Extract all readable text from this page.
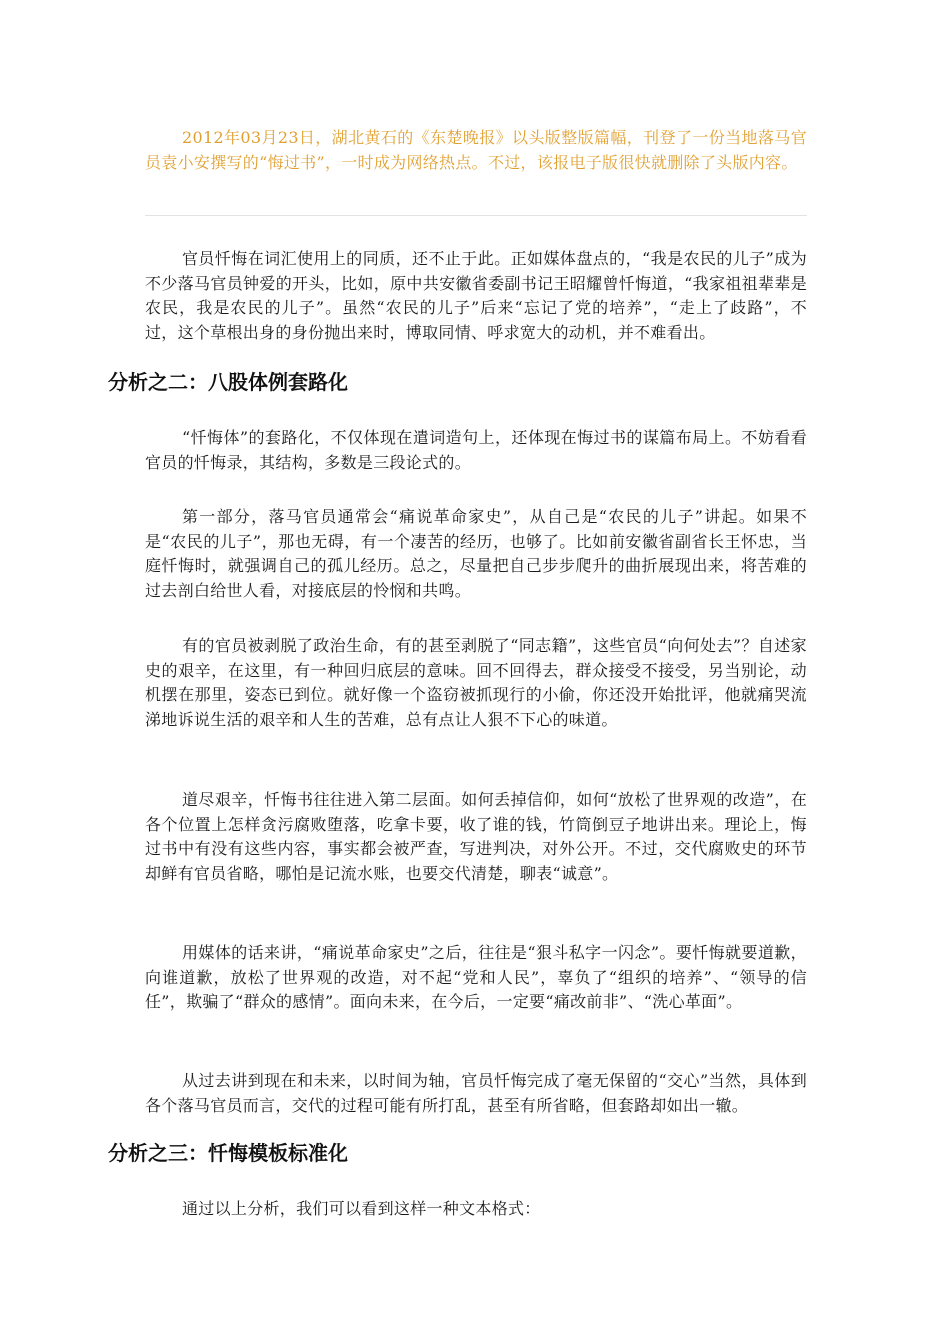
2012年03月23日，湖北黄石的《东楚晚报》以头版整版篇幅，刊登了一份当地落马官员袁小安撰写的“悔过书”，一时成为网络热点。不过，该报电子版很快就删除了头版内容。

官员忏悔在词汇使用上的同质，还不止于此。正如媒体盘点的，“我是农民的儿子”成为不少落马官员钟爱的开头，比如，原中共安徽省委副书记王昭耀曾忏悔道，“我家祖祖辈辈是农民，我是农民的儿子”。虽然“农民的儿子”后来“忘记了党的培养”，“走上了歧路”，不过，这个草根出身的身份抛出来时，博取同情、呼求宽大的动机，并不难看出。

分析之二：八股体例套路化

“忏悔体”的套路化，不仅体现在遣词造句上，还体现在悔过书的谋篇布局上。不妨看看官员的忏悔录，其结构，多数是三段论式的。

第一部分，落马官员通常会“痛说革命家史”，从自己是“农民的儿子”讲起。如果不是“农民的儿子”，那也无碍，有一个凄苦的经历，也够了。比如前安徽省副省长王怀忠，当庭忏悔时，就强调自己的孤儿经历。总之，尽量把自己步步爬升的曲折展现出来，将苦难的过去剖白给世人看，对接底层的怜悯和共鸣。

有的官员被剥脱了政治生命，有的甚至剥脱了“同志籍”，这些官员“向何处去”？自述家史的艰辛，在这里，有一种回归底层的意味。回不回得去，群众接受不接受，另当别论，动机摆在那里，姿态已到位。就好像一个盗窃被抓现行的小偷，你还没开始批评，他就痛哭流涕地诉说生活的艰辛和人生的苦难，总有点让人狠不下心的味道。

道尽艰辛，忏悔书往往进入第二层面。如何丢掉信仰，如何“放松了世界观的改造”，在各个位置上怎样贪污腐败堕落，吃拿卡要，收了谁的钱，竹筒倒豆子地讲出来。理论上，悔过书中有没有这些内容，事实都会被严查，写进判决，对外公开。不过，交代腐败史的环节却鲜有官员省略，哪怕是记流水账，也要交代清楚，聊表“诚意”。

用媒体的话来讲，“痛说革命家史”之后，往往是“狠斗私字一闪念”。要忏悔就要道歉，向谁道歉，放松了世界观的改造，对不起“党和人民”，辜负了“组织的培养”、“领导的信任”，欺骗了“群众的感情”。面向未来，在今后，一定要“痛改前非”、“洗心革面”。

从过去讲到现在和未来，以时间为轴，官员忏悔完成了毫无保留的“交心”当然，具体到各个落马官员而言，交代的过程可能有所打乱，甚至有所省略，但套路却如出一辙。

分析之三：忏悔模板标准化

通过以上分析，我们可以看到这样一种文本格式：
